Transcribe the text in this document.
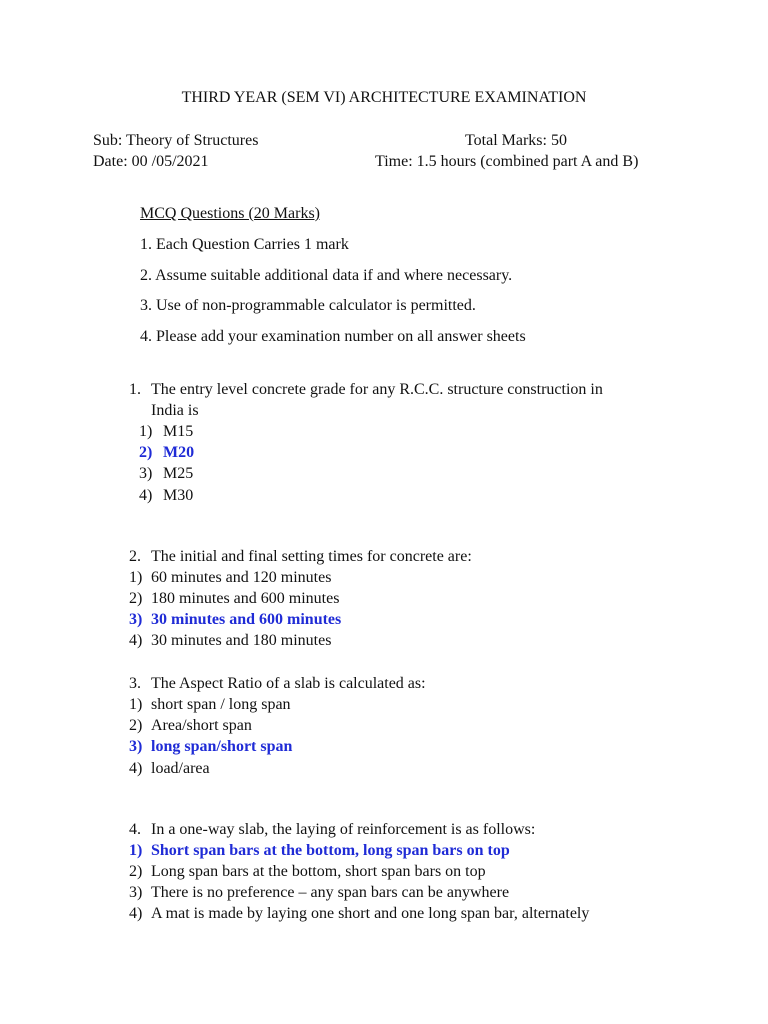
THIRD YEAR (SEM VI) ARCHITECTURE EXAMINATION
Sub: Theory of Structures	Total Marks: 50
Date: 00 /05/2021	Time: 1.5 hours (combined part A and B)
MCQ Questions (20 Marks)
1. Each Question Carries 1 mark
2. Assume suitable additional data if and where necessary.
3. Use of non-programmable calculator is permitted.
4. Please add your examination number on all answer sheets
1. The entry level concrete grade for any R.C.C. structure construction in
India is
1) M15
2) M20
3) M25
4) M30
2. The initial and final setting times for concrete are:
1) 60 minutes and 120 minutes
2) 180 minutes and 600 minutes
3) 30 minutes and 600 minutes
4) 30 minutes and 180 minutes
3. The Aspect Ratio of a slab is calculated as:
1) short span / long span
2) Area/short span
3) long span/short span
4) load/area
4. In a one-way slab, the laying of reinforcement is as follows:
1) Short span bars at the bottom, long span bars on top
2) Long span bars at the bottom, short span bars on top
3) There is no preference – any span bars can be anywhere
4) A mat is made by laying one short and one long span bar, alternately
